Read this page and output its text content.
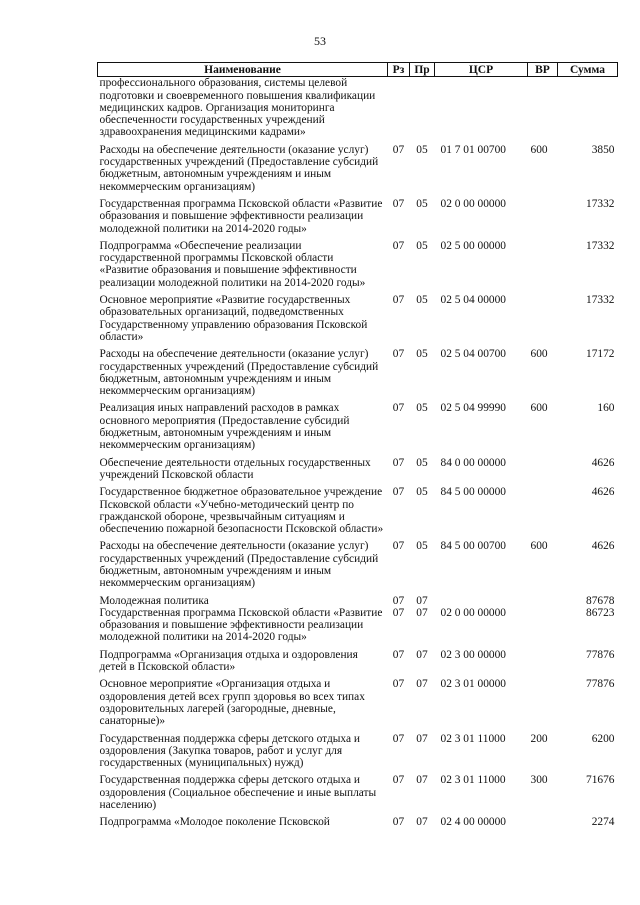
53
Наименование	Рз	Пр	ЦСР	ВР	Сумма
профессионального образования, системы целевой подготовки и своевременного повышения квалификации медицинских кадров. Организация мониторинга обеспеченности государственных учреждений здравоохранения медицинскими кадрами»					
Расходы на обеспечение деятельности (оказание услуг) государственных учреждений (Предоставление субсидий бюджетным, автономным учреждениям и иным некоммерческим организациям)	07	05	01 7 01 00700	600	3850
Государственная программа Псковской области «Развитие образования и повышение эффективности реализации молодежной политики на 2014-2020 годы»	07	05	02 0 00 00000		17332
Подпрограмма «Обеспечение реализации государственной программы Псковской области «Развитие образования и повышение эффективности реализации молодежной политики на 2014-2020 годы»	07	05	02 5 00 00000		17332
Основное мероприятие «Развитие государственных образовательных организаций, подведомственных Государственному управлению образования Псковской области»	07	05	02 5 04 00000		17332
Расходы на обеспечение деятельности (оказание услуг) государственных учреждений (Предоставление субсидий бюджетным, автономным учреждениям и иным некоммерческим организациям)	07	05	02 5 04 00700	600	17172
Реализация иных направлений расходов в рамках основного мероприятия (Предоставление субсидий бюджетным, автономным учреждениям и иным некоммерческим организациям)	07	05	02 5 04 99990	600	160
Обеспечение деятельности отдельных государственных учреждений Псковской области	07	05	84 0 00 00000		4626
Государственное бюджетное образовательное учреждение Псковской области «Учебно-методический центр по гражданской обороне, чрезвычайным ситуациям и обеспечению пожарной безопасности Псковской области»	07	05	84 5 00 00000		4626
Расходы на обеспечение деятельности (оказание услуг) государственных учреждений (Предоставление субсидий бюджетным, автономным учреждениям и иным некоммерческим организациям)	07	05	84 5 00 00700	600	4626
Молодежная политика	07	07			87678
Государственная программа Псковской области «Развитие образования и повышение эффективности реализации молодежной политики на 2014-2020 годы»	07	07	02 0 00 00000		86723
Подпрограмма «Организация отдыха и оздоровления детей в Псковской области»	07	07	02 3 00 00000		77876
Основное мероприятие «Организация отдыха и оздоровления детей всех групп здоровья во всех типах оздоровительных лагерей (загородные, дневные, санаторные)»	07	07	02 3 01 00000		77876
Государственная поддержка сферы детского отдыха и оздоровления (Закупка товаров, работ и услуг для государственных (муниципальных) нужд)	07	07	02 3 01 11000	200	6200
Государственная поддержка сферы детского отдыха и оздоровления (Социальное обеспечение и иные выплаты населению)	07	07	02 3 01 11000	300	71676
Подпрограмма «Молодое поколение Псковской	07	07	02 4 00 00000		2274
